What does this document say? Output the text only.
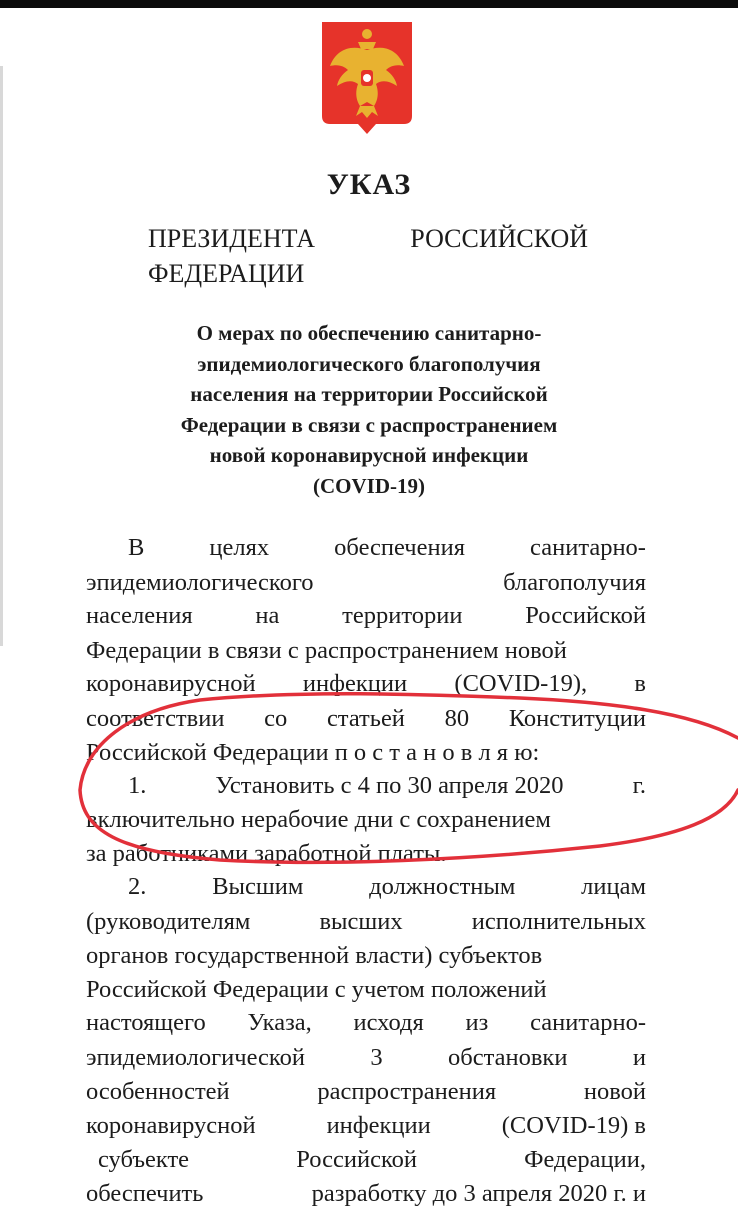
УКАЗ
ПРЕЗИДЕНТА	РОССИЙСКОЙ
ФЕДЕРАЦИИ
О мерах по обеспечению санитарно-
эпидемиологического благополучия
населения на территории Российской
Федерации в связи с распространением
новой коронавирусной инфекции
(COVID-19)
В	целях	обеспечения	санитарно-
эпидемиологического	благополучия
населения	на	территории	Российской
Федерации в связи с распространением новой
коронавирусной инфекции (COVID-19), в
соответствии со статьей 80 Конституции
Российской Федерации п о с т а н о в л я ю:
1.	Установить с 4 по 30 апреля 2020	г.
включительно нерабочие дни с сохранением
за работниками заработной платы.
2.	Высшим	должностным	лицам
(руководителям	высших	исполнительных
органов государственной власти) субъектов
Российской Федерации с учетом положений
настоящего Указа, исходя из санитарно-
эпидемиологической	3	обстановки	и
особенностей	распространения	новой
коронавирусной	инфекции	(COVID-19) в
субъекте	Российской	Федерации,
обеспечить	разработку до 3 апреля 2020 г. и
